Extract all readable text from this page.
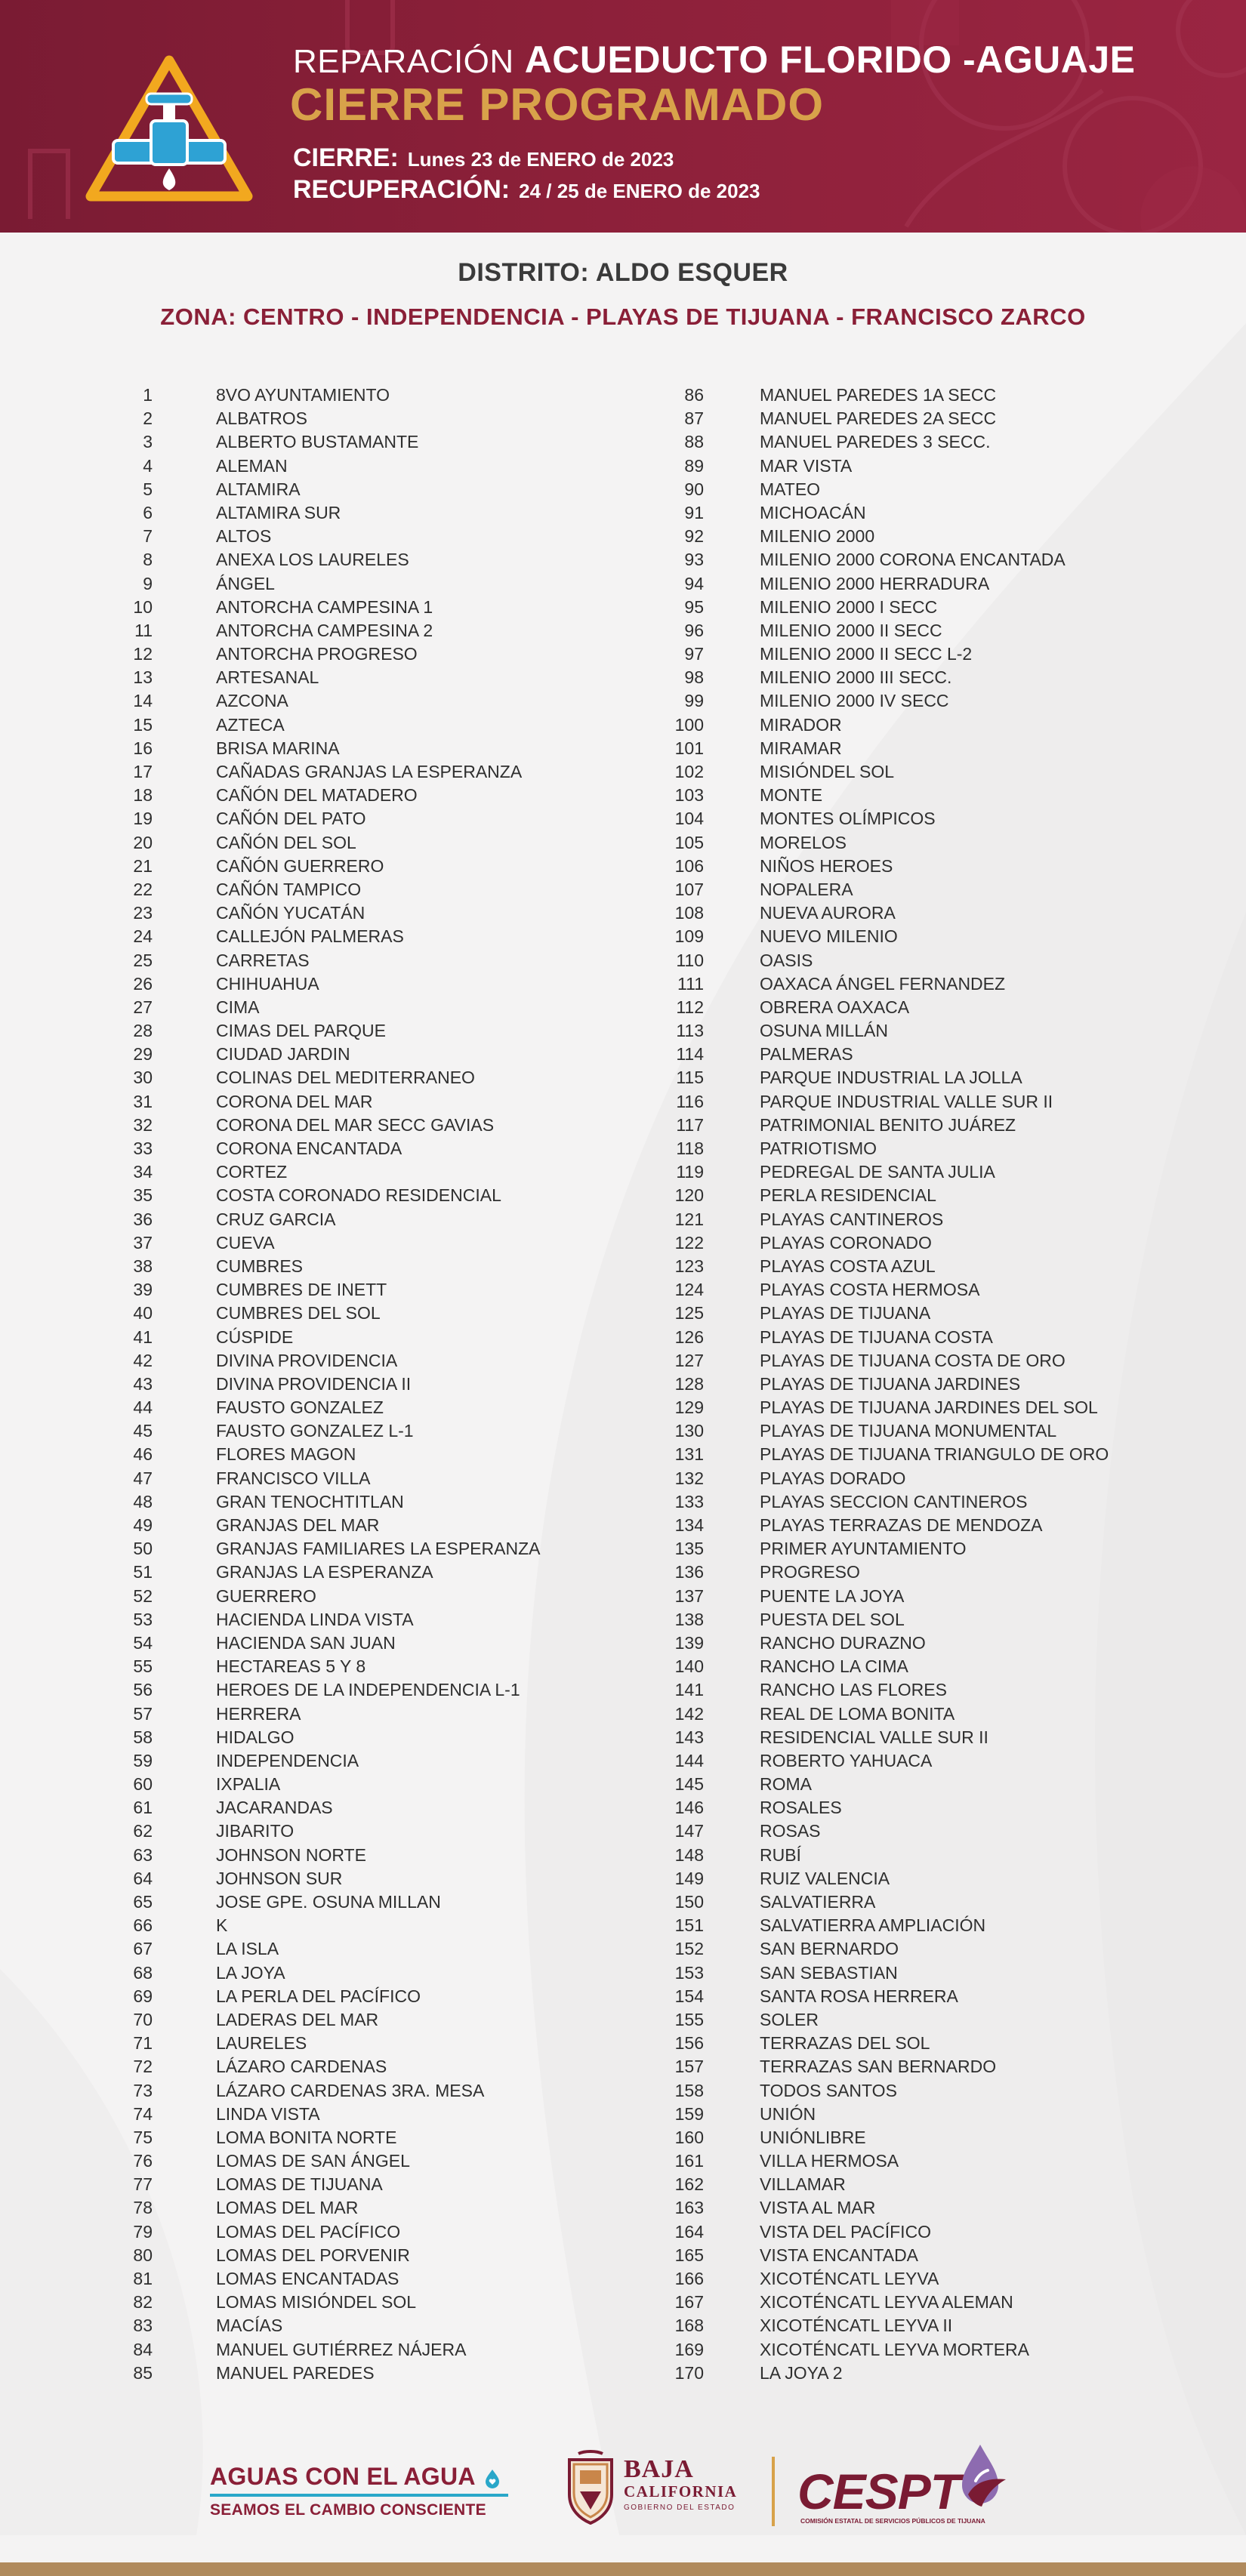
REPARACIÓN ACUEDUCTO FLORIDO -AGUAJE
CIERRE PROGRAMADO
CIERRE: Lunes 23 de ENERO de 2023
RECUPERACIÓN: 24 / 25 de ENERO de 2023
DISTRITO: ALDO ESQUER
ZONA: CENTRO - INDEPENDENCIA - PLAYAS DE TIJUANA - FRANCISCO ZARCO
1	8VO AYUNTAMIENTO
2	ALBATROS
3	ALBERTO BUSTAMANTE
4	ALEMAN
5	ALTAMIRA
6	ALTAMIRA SUR
7	ALTOS
8	ANEXA LOS LAURELES
9	ÁNGEL
10	ANTORCHA CAMPESINA 1
11	ANTORCHA CAMPESINA 2
12	ANTORCHA PROGRESO
13	ARTESANAL
14	AZCONA
15	AZTECA
16	BRISA MARINA
17	CAÑADAS GRANJAS LA ESPERANZA
18	CAÑÓN DEL MATADERO
19	CAÑÓN DEL PATO
20	CAÑÓN DEL SOL
21	CAÑÓN GUERRERO
22	CAÑÓN TAMPICO
23	CAÑÓN YUCATÁN
24	CALLEJÓN PALMERAS
25	CARRETAS
26	CHIHUAHUA
27	CIMA
28	CIMAS DEL PARQUE
29	CIUDAD JARDIN
30	COLINAS DEL MEDITERRANEO
31	CORONA DEL MAR
32	CORONA DEL MAR SECC GAVIAS
33	CORONA ENCANTADA
34	CORTEZ
35	COSTA CORONADO RESIDENCIAL
36	CRUZ GARCIA
37	CUEVA
38	CUMBRES
39	CUMBRES DE INETT
40	CUMBRES DEL SOL
41	CÚSPIDE
42	DIVINA PROVIDENCIA
43	DIVINA PROVIDENCIA II
44	FAUSTO GONZALEZ
45	FAUSTO GONZALEZ L-1
46	FLORES MAGON
47	FRANCISCO VILLA
48	GRAN TENOCHTITLAN
49	GRANJAS DEL MAR
50	GRANJAS FAMILIARES LA ESPERANZA
51	GRANJAS LA ESPERANZA
52	GUERRERO
53	HACIENDA LINDA VISTA
54	HACIENDA SAN JUAN
55	HECTAREAS 5 Y 8
56	HEROES DE LA INDEPENDENCIA L-1
57	HERRERA
58	HIDALGO
59	INDEPENDENCIA
60	IXPALIA
61	JACARANDAS
62	JIBARITO
63	JOHNSON NORTE
64	JOHNSON SUR
65	JOSE GPE. OSUNA MILLAN
66	K
67	LA ISLA
68	LA JOYA
69	LA PERLA DEL PACÍFICO
70	LADERAS DEL MAR
71	LAURELES
72	LÁZARO CARDENAS
73	LÁZARO CARDENAS 3RA. MESA
74	LINDA VISTA
75	LOMA BONITA NORTE
76	LOMAS DE SAN ÁNGEL
77	LOMAS DE TIJUANA
78	LOMAS DEL MAR
79	LOMAS DEL PACÍFICO
80	LOMAS DEL PORVENIR
81	LOMAS ENCANTADAS
82	LOMAS MISIÓNDEL SOL
83	MACÍAS
84	MANUEL GUTIÉRREZ NÁJERA
85	MANUEL PAREDES
86	MANUEL PAREDES 1A SECC
87	MANUEL PAREDES 2A SECC
88	MANUEL PAREDES 3 SECC.
89	MAR VISTA
90	MATEO
91	MICHOACÁN
92	MILENIO 2000
93	MILENIO 2000 CORONA ENCANTADA
94	MILENIO 2000 HERRADURA
95	MILENIO 2000 I SECC
96	MILENIO 2000 II SECC
97	MILENIO 2000 II SECC L-2
98	MILENIO 2000 III SECC.
99	MILENIO 2000 IV SECC
100	MIRADOR
101	MIRAMAR
102	MISIÓNDEL SOL
103	MONTE
104	MONTES OLÍMPICOS
105	MORELOS
106	NIÑOS HEROES
107	NOPALERA
108	NUEVA AURORA
109	NUEVO MILENIO
110	OASIS
111	OAXACA ÁNGEL FERNANDEZ
112	OBRERA OAXACA
113	OSUNA MILLÁN
114	PALMERAS
115	PARQUE INDUSTRIAL LA JOLLA
116	PARQUE INDUSTRIAL VALLE SUR II
117	PATRIMONIAL BENITO JUÁREZ
118	PATRIOTISMO
119	PEDREGAL DE SANTA JULIA
120	PERLA RESIDENCIAL
121	PLAYAS CANTINEROS
122	PLAYAS CORONADO
123	PLAYAS COSTA AZUL
124	PLAYAS COSTA HERMOSA
125	PLAYAS DE TIJUANA
126	PLAYAS DE TIJUANA COSTA
127	PLAYAS DE TIJUANA COSTA DE ORO
128	PLAYAS DE TIJUANA JARDINES
129	PLAYAS DE TIJUANA JARDINES DEL SOL
130	PLAYAS DE TIJUANA MONUMENTAL
131	PLAYAS DE TIJUANA TRIANGULO DE ORO
132	PLAYAS DORADO
133	PLAYAS SECCION CANTINEROS
134	PLAYAS TERRAZAS DE MENDOZA
135	PRIMER AYUNTAMIENTO
136	PROGRESO
137	PUENTE LA JOYA
138	PUESTA DEL SOL
139	RANCHO DURAZNO
140	RANCHO LA CIMA
141	RANCHO LAS FLORES
142	REAL DE LOMA BONITA
143	RESIDENCIAL VALLE SUR II
144	ROBERTO YAHUACA
145	ROMA
146	ROSALES
147	ROSAS
148	RUBÍ
149	RUIZ VALENCIA
150	SALVATIERRA
151	SALVATIERRA AMPLIACIÓN
152	SAN BERNARDO
153	SAN SEBASTIAN
154	SANTA ROSA HERRERA
155	SOLER
156	TERRAZAS DEL SOL
157	TERRAZAS SAN BERNARDO
158	TODOS SANTOS
159	UNIÓN
160	UNIÓNLIBRE
161	VILLA HERMOSA
162	VILLAMAR
163	VISTA AL MAR
164	VISTA DEL PACÍFICO
165	VISTA ENCANTADA
166	XICOTÉNCATL LEYVA
167	XICOTÉNCATL LEYVA ALEMAN
168	XICOTÉNCATL LEYVA II
169	XICOTÉNCATL LEYVA MORTERA
170	LA JOYA 2
AGUAS CON EL AGUA
SEAMOS EL CAMBIO CONSCIENTE
BAJA
CALIFORNIA
GOBIERNO DEL ESTADO CESPT
COMISIÓN ESTATAL DE SERVICIOS PÚBLICOS DE TIJUANA
